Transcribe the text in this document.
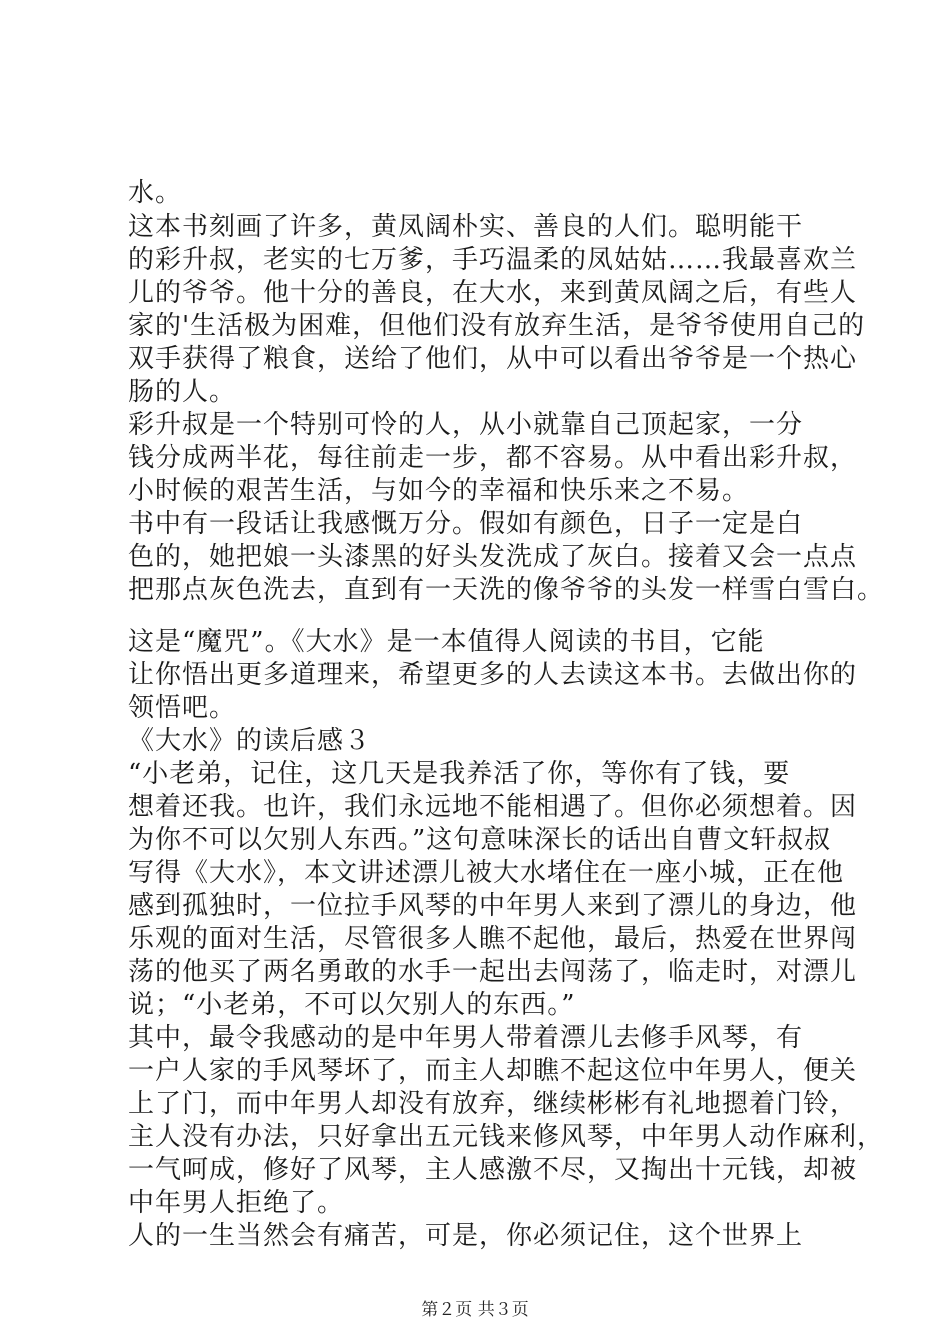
水。
这本书刻画了许多，黄凤阔朴实、善良的人们。聪明能干
的彩升叔，老实的七万爹，手巧温柔的凤姑姑……我最喜欢兰
儿的爷爷。他十分的善良，在大水，来到黄凤阔之后，有些人
家的'生活极为困难，但他们没有放弃生活，是爷爷使用自己的
双手获得了粮食，送给了他们，从中可以看出爷爷是一个热心
肠的人。
彩升叔是一个特别可怜的人，从小就靠自己顶起家，一分
钱分成两半花，每往前走一步，都不容易。从中看出彩升叔，
小时候的艰苦生活，与如今的幸福和快乐来之不易。
书中有一段话让我感慨万分。假如有颜色，日子一定是白
色的，她把娘一头漆黑的好头发洗成了灰白。接着又会一点点
把那点灰色洗去，直到有一天洗的像爷爷的头发一样雪白雪白。
这是“魔咒”。《大水》是一本值得人阅读的书目，它能
让你悟出更多道理来，希望更多的人去读这本书。去做出你的
领悟吧。
《大水》的读后感３
“小老弟，记住，这几天是我养活了你，等你有了钱，要
想着还我。也许，我们永远地不能相遇了。但你必须想着。因
为你不可以欠别人东西。”这句意味深长的话出自曹文轩叔叔
写得《大水》，本文讲述漂儿被大水堵住在一座小城，正在他
感到孤独时，一位拉手风琴的中年男人来到了漂儿的身边，他
乐观的面对生活，尽管很多人瞧不起他，最后，热爱在世界闯
荡的他买了两名勇敢的水手一起出去闯荡了，临走时，对漂儿
说；“小老弟，不可以欠别人的东西。”
其中，最令我感动的是中年男人带着漂儿去修手风琴，有
一户人家的手风琴坏了，而主人却瞧不起这位中年男人，便关
上了门，而中年男人却没有放弃，继续彬彬有礼地摁着门铃，
主人没有办法，只好拿出五元钱来修风琴，中年男人动作麻利，
一气呵成，修好了风琴，主人感激不尽，又掏出十元钱，却被
中年男人拒绝了。
人的一生当然会有痛苦，可是，你必须记住，这个世界上
第２页 共３页
